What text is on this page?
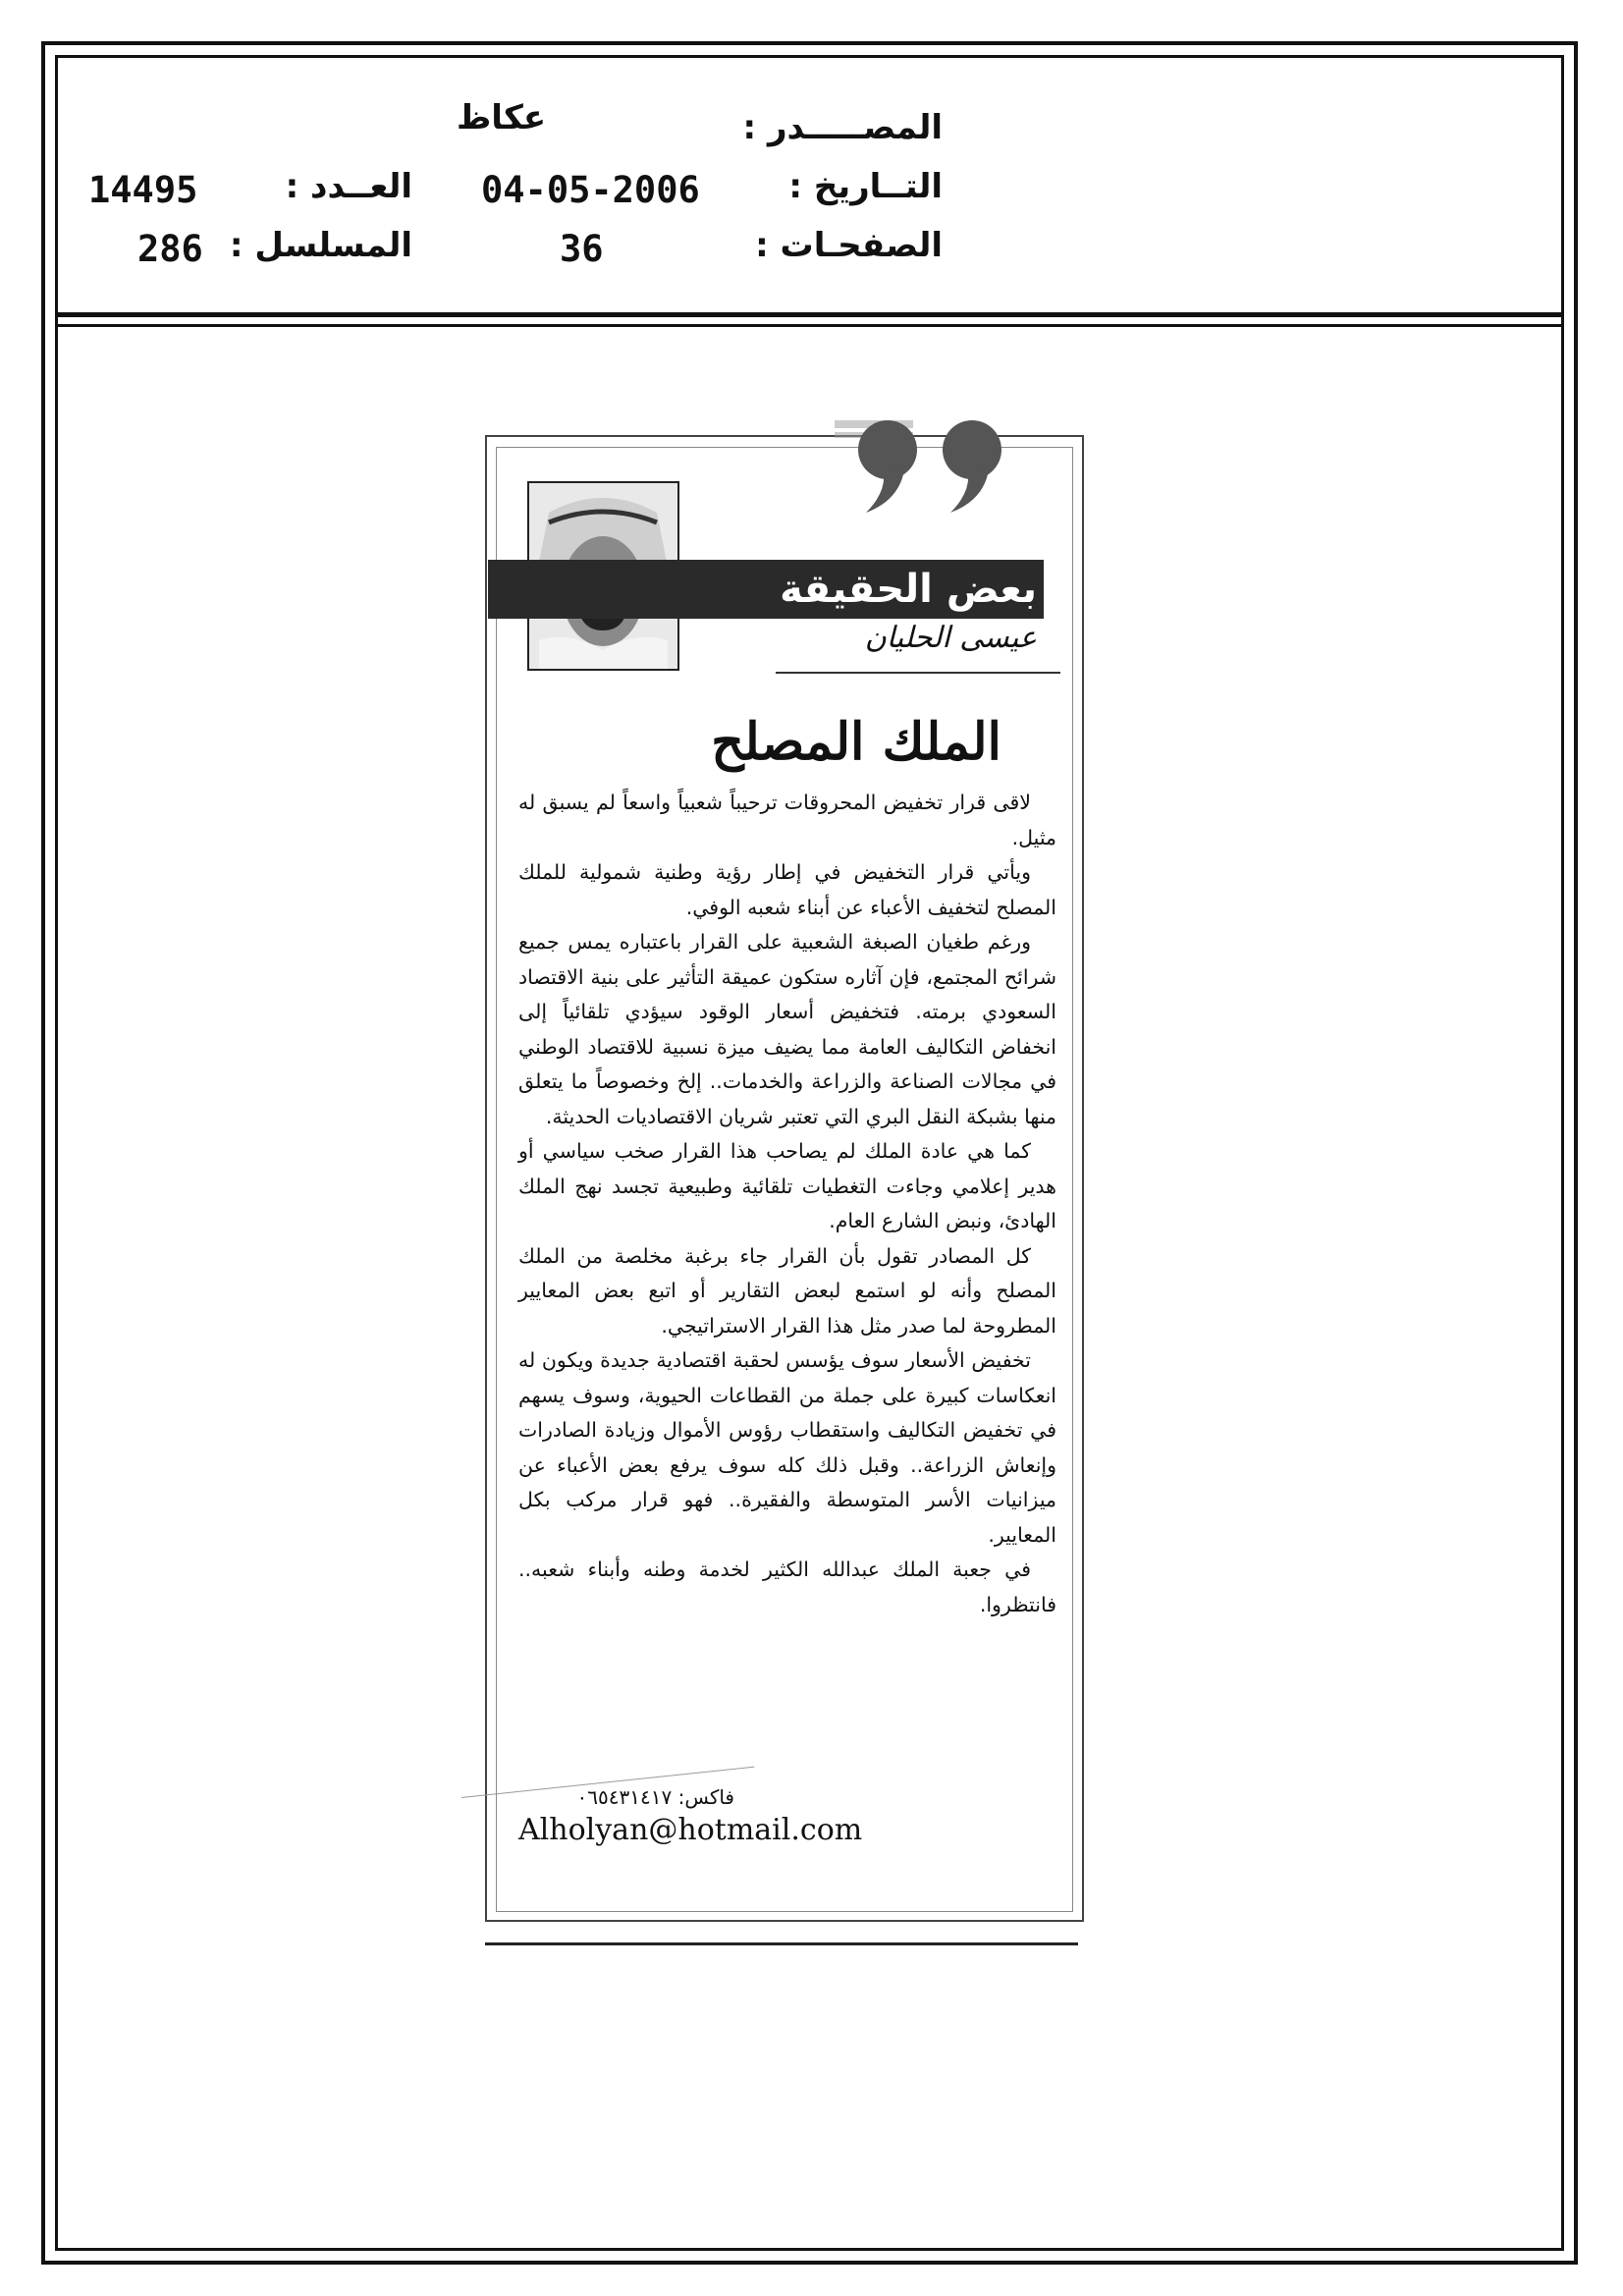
المصـــــدر :
عكاظ
التــاريخ :
04-05-2006
العــدد :
14495
الصفحـات :
36
المسلسل :
286
بعض الحقيقة
عيسى الحليان
الملك المصلح

لاقى قرار تخفيض المحروقات ترحيباً شعبياً واسعاً لم يسبق له مثيل.

ويأتي قرار التخفيض في إطار رؤية وطنية شمولية للملك المصلح لتخفيف الأعباء عن أبناء شعبه الوفي.

ورغم طغيان الصبغة الشعبية على القرار باعتباره يمس جميع شرائح المجتمع، فإن آثاره ستكون عميقة التأثير على بنية الاقتصاد السعودي برمته. فتخفيض أسعار الوقود سيؤدي تلقائياً إلى انخفاض التكاليف العامة مما يضيف ميزة نسبية للاقتصاد الوطني في مجالات الصناعة والزراعة والخدمات.. إلخ وخصوصاً ما يتعلق منها بشبكة النقل البري التي تعتبر شريان الاقتصاديات الحديثة.

كما هي عادة الملك لم يصاحب هذا القرار صخب سياسي أو هدير إعلامي وجاءت التغطيات تلقائية وطبيعية تجسد نهج الملك الهادئ، ونبض الشارع العام.

كل المصادر تقول بأن القرار جاء برغبة مخلصة من الملك المصلح وأنه لو استمع لبعض التقارير أو اتبع بعض المعايير المطروحة لما صدر مثل هذا القرار الاستراتيجي.

تخفيض الأسعار سوف يؤسس لحقبة اقتصادية جديدة ويكون له انعكاسات كبيرة على جملة من القطاعات الحيوية، وسوف يسهم في تخفيض التكاليف واستقطاب رؤوس الأموال وزيادة الصادرات وإنعاش الزراعة.. وقبل ذلك كله سوف يرفع بعض الأعباء عن ميزانيات الأسر المتوسطة والفقيرة.. فهو قرار مركب بكل المعايير.

في جعبة الملك عبدالله الكثير لخدمة وطنه وأبناء شعبه.. فانتظروا.

فاكس: ٠٦٥٤٣١٤١٧
Alholyan@hotmail.com
